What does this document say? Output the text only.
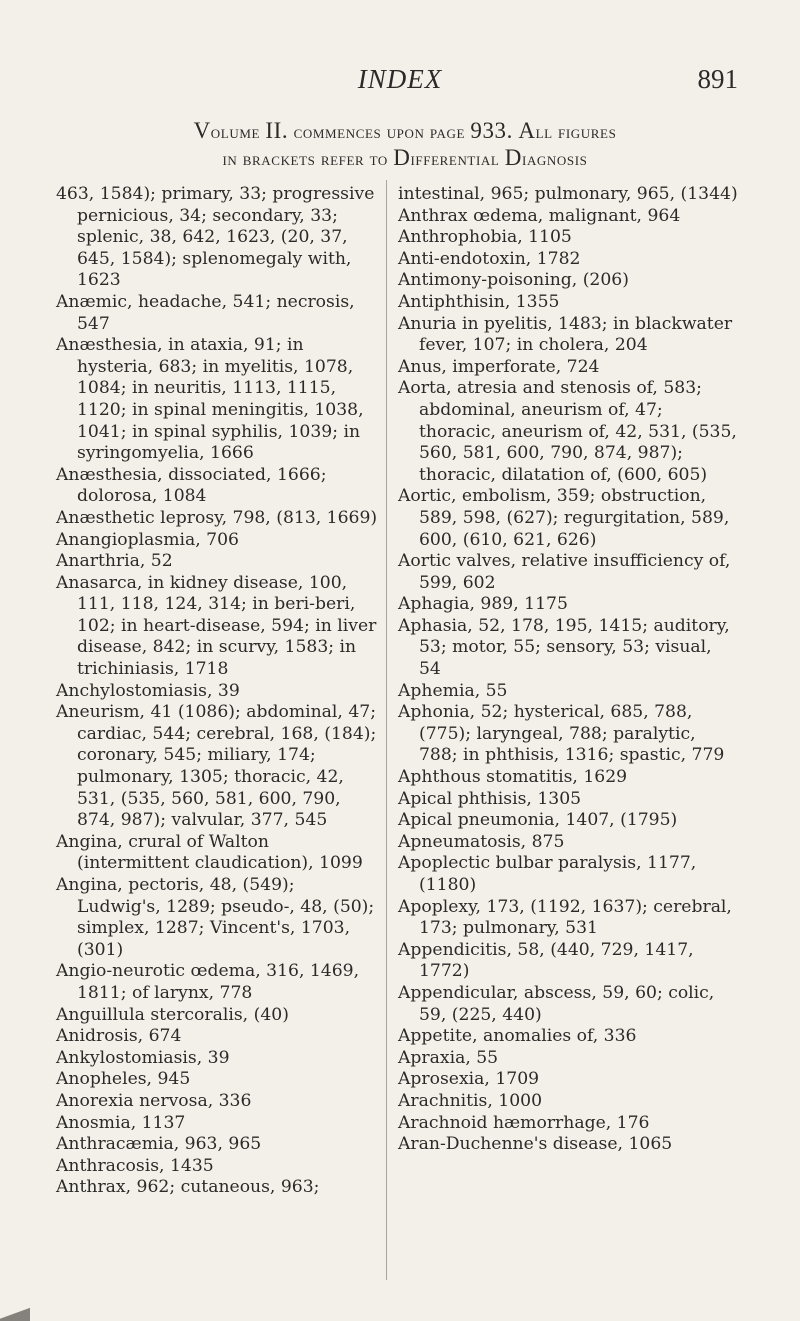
INDEX	891
Volume II. commences upon page 933. All figures
in brackets refer to Differential Diagnosis

463, 1584); primary, 33; progressive pernicious, 34; secondary, 33; splenic, 38, 642, 1623, (20, 37, 645, 1584); splenomegaly with, 1623

Anæmic, headache, 541; necrosis, 547

Anæsthesia, in ataxia, 91; in hysteria, 683; in myelitis, 1078, 1084; in neuritis, 1113, 1115, 1120; in spinal meningitis, 1038, 1041; in spinal syphilis, 1039; in syringomyelia, 1666

Anæsthesia, dissociated, 1666; dolorosa, 1084

Anæsthetic leprosy, 798, (813, 1669)

Anangioplasmia, 706

Anarthria, 52

Anasarca, in kidney disease, 100, 111, 118, 124, 314; in beri-beri, 102; in heart-disease, 594; in liver disease, 842; in scurvy, 1583; in trichiniasis, 1718

Anchylostomiasis, 39

Aneurism, 41 (1086); abdominal, 47; cardiac, 544; cerebral, 168, (184); coronary, 545; miliary, 174; pulmonary, 1305; thoracic, 42, 531, (535, 560, 581, 600, 790, 874, 987); valvular, 377, 545

Angina, crural of Walton (intermittent claudication), 1099

Angina, pectoris, 48, (549); Ludwig's, 1289; pseudo-, 48, (50); simplex, 1287; Vincent's, 1703, (301)

Angio-neurotic œdema, 316, 1469, 1811; of larynx, 778

Anguillula stercoralis, (40)

Anidrosis, 674

Ankylostomiasis, 39

Anopheles, 945

Anorexia nervosa, 336

Anosmia, 1137

Anthracæmia, 963, 965

Anthracosis, 1435

Anthrax, 962; cutaneous, 963;

intestinal, 965; pulmonary, 965, (1344)

Anthrax œdema, malignant, 964

Anthrophobia, 1105

Anti-endotoxin, 1782

Antimony-poisoning, (206)

Antiphthisin, 1355

Anuria in pyelitis, 1483; in blackwater fever, 107; in cholera, 204

Anus, imperforate, 724

Aorta, atresia and stenosis of, 583; abdominal, aneurism of, 47; thoracic, aneurism of, 42, 531, (535, 560, 581, 600, 790, 874, 987); thoracic, dilatation of, (600, 605)

Aortic, embolism, 359; obstruction, 589, 598, (627); regurgitation, 589, 600, (610, 621, 626)

Aortic valves, relative insufficiency of, 599, 602

Aphagia, 989, 1175

Aphasia, 52, 178, 195, 1415; auditory, 53; motor, 55; sensory, 53; visual, 54

Aphemia, 55

Aphonia, 52; hysterical, 685, 788, (775); laryngeal, 788; paralytic, 788; in phthisis, 1316; spastic, 779

Aphthous stomatitis, 1629

Apical phthisis, 1305

Apical pneumonia, 1407, (1795)

Apneumatosis, 875

Apoplectic bulbar paralysis, 1177, (1180)

Apoplexy, 173, (1192, 1637); cerebral, 173; pulmonary, 531

Appendicitis, 58, (440, 729, 1417, 1772)

Appendicular, abscess, 59, 60; colic, 59, (225, 440)

Appetite, anomalies of, 336

Apraxia, 55

Aprosexia, 1709

Arachnitis, 1000

Arachnoid hæmorrhage, 176

Aran-Duchenne's disease, 1065
